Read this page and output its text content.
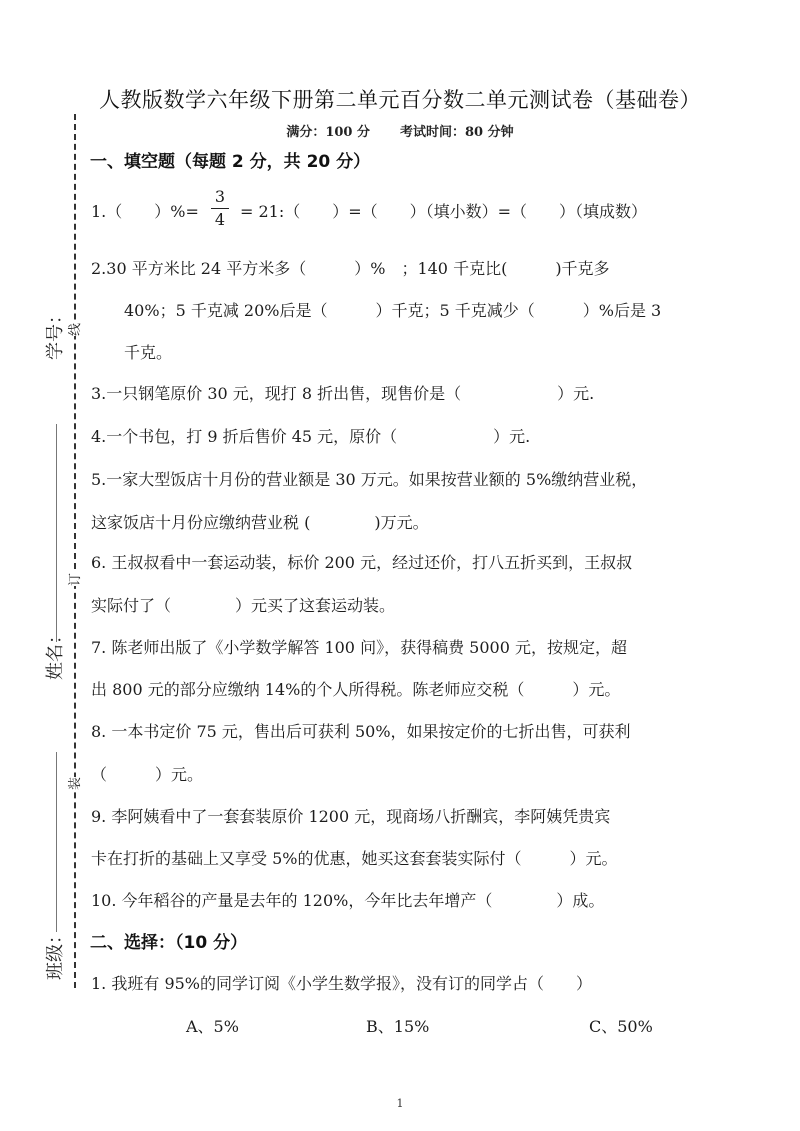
线
订
装
学号：
姓名：
班级：
人教版数学六年级下册第二单元百分数二单元测试卷（基础卷）
满分：100 分 考试时间：80 分钟
一、填空题（每题 2 分，共 20 分）
1.（　　）%=
3
4 = 21:（　　）=（　　）（填小数）=（　　）（填成数）
2.30 平方米比 24 平方米多（　　　）%　；140 千克比(　　　)千克多
40%；5 千克减 20%后是（　　　）千克；5 千克减少（　　　）%后是 3
千克。
3.一只钢笔原价 30 元，现打 8 折出售，现售价是（　　　　　　）元.
4.一个书包，打 9 折后售价 45 元，原价（　　　　　　）元.
5.一家大型饭店十月份的营业额是 30 万元。如果按营业额的 5%缴纳营业税，
这家饭店十月份应缴纳营业税 (　　　　)万元。
6. 王叔叔看中一套运动装，标价 200 元，经过还价，打八五折买到，王叔叔
实际付了（　　　　）元买了这套运动装。
7. 陈老师出版了《小学数学解答 100 问》，获得稿费 5000 元，按规定，超
出 800 元的部分应缴纳 14%的个人所得税。陈老师应交税（　　　）元。
8. 一本书定价 75 元，售出后可获利 50%，如果按定价的七折出售，可获利
（　　　）元。
9. 李阿姨看中了一套套装原价 1200 元，现商场八折酬宾，李阿姨凭贵宾
卡在打折的基础上又享受 5%的优惠，她买这套套装实际付（　　　）元。
10. 今年稻谷的产量是去年的 120%，今年比去年增产（　　　　）成。
二、选择：（10 分）
1. 我班有 95%的同学订阅《小学生数学报》，没有订的同学占（　　）
A、5%	B、15%	C、50%
1
